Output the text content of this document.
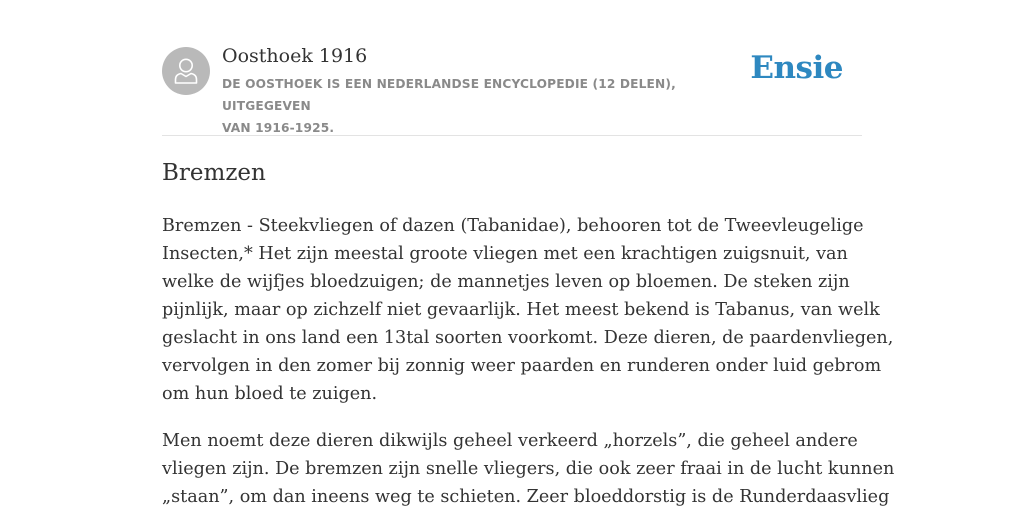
Oosthoek 1916
DE OOSTHOEK IS EEN NEDERLANDSE ENCYCLOPEDIE (12 DELEN), UITGEGEVEN
VAN 1916-1925.
Ensie
Bremzen
Bremzen - Steekvliegen of dazen (Tabanidae), behooren tot de Tweevleugelige
Insecten,* Het zijn meestal groote vliegen met een krachtigen zuigsnuit, van
welke de wijfjes bloedzuigen; de mannetjes leven op bloemen. De steken zijn
pijnlijk, maar op zichzelf niet gevaarlijk. Het meest bekend is Tabanus, van welk
geslacht in ons land een 13tal soorten voorkomt. Deze dieren, de paardenvliegen,
vervolgen in den zomer bij zonnig weer paarden en runderen onder luid gebrom
om hun bloed te zuigen.
Men noemt deze dieren dikwijls geheel verkeerd „horzels”, die geheel andere
vliegen zijn. De bremzen zijn snelle vliegers, die ook zeer fraai in de lucht kunnen
„staan”, om dan ineens weg te schieten. Zeer bloeddorstig is de Runderdaasvlieg
